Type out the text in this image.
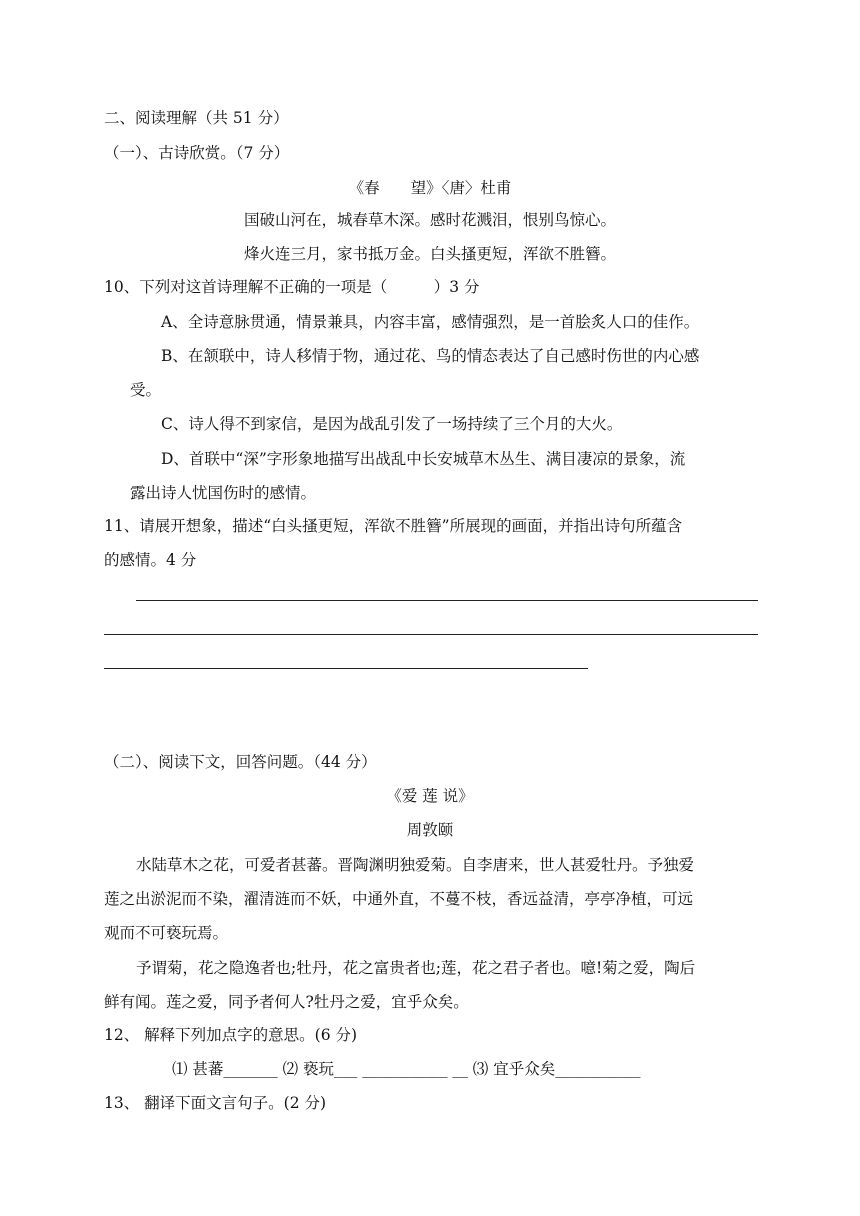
二、阅读理解（共 51 分）
（一）、古诗欣赏。（7 分）
《春　　望》〈唐〉杜甫
国破山河在，城春草木深。感时花溅泪，恨别鸟惊心。
烽火连三月，家书抵万金。白头搔更短，浑欲不胜簪。
10、下列对这首诗理解不正确的一项是（　　　）3 分
A、全诗意脉贯通，情景兼具，内容丰富，感情强烈，是一首脍炙人口的佳作。
B、在颔联中，诗人移情于物，通过花、鸟的情态表达了自己感时伤世的内心感
受。
C、诗人得不到家信，是因为战乱引发了一场持续了三个月的大火。
D、首联中“深”字形象地描写出战乱中长安城草木丛生、满目凄凉的景象，流
露出诗人忧国伤时的感情。
11、请展开想象，描述“白头搔更短，浑欲不胜簪”所展现的画面，并指出诗句所蕴含
的感情。4 分
（二）、阅读下文，回答问题。（44 分）
《爱 莲 说》
周敦颐
水陆草木之花，可爱者甚蕃。晋陶渊明独爱菊。自李唐来，世人甚爱牡丹。予独爱
莲之出淤泥而不染，濯清涟而不妖，中通外直，不蔓不枝，香远益清，亭亭净植，可远
观而不可亵玩焉。
予谓菊，花之隐逸者也;牡丹，花之富贵者也;莲，花之君子者也。噫!菊之爱，陶后
鲜有闻。莲之爱，同予者何人?牡丹之爱，宜乎众矣。
12、 解释下列加点字的意思。(6 分)
⑴ 甚蕃_______ ⑵ 亵玩___ ___________ __ ⑶ 宜乎众矣___________
13、 翻译下面文言句子。(2 分)
